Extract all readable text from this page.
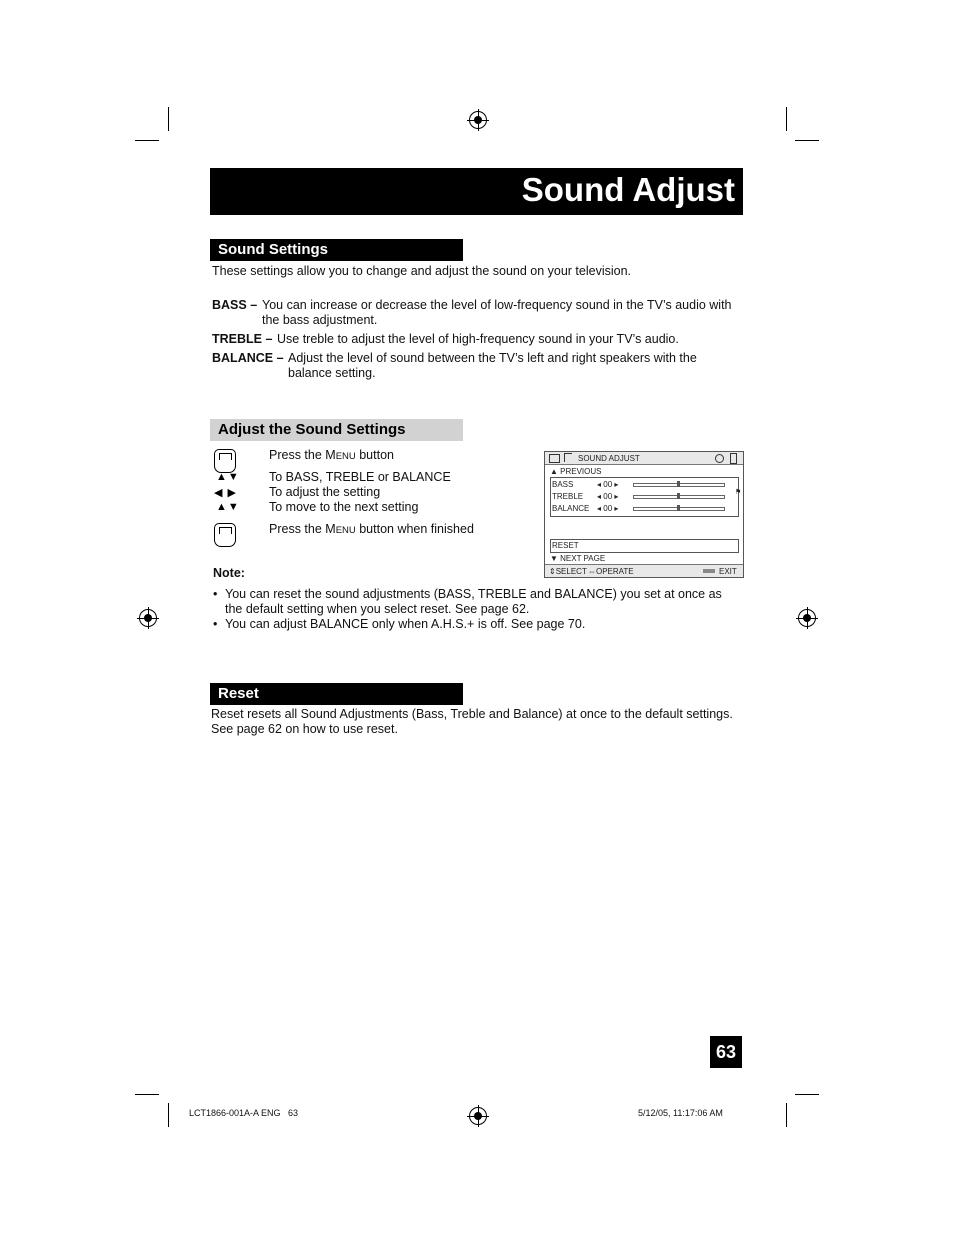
Sound Adjust
Sound Settings
These settings allow you to change and adjust the sound on your television.
BASS – You can increase or decrease the level of low-frequency sound in the TV’s audio with
the bass adjustment.
TREBLE – Use treble to adjust the level of high-frequency sound in your TV’s audio.
BALANCE – Adjust the level of sound between the TV’s left and right speakers with the
balance setting.
Adjust the Sound Settings
Press the MENU button
▲▼ To BASS, TREBLE or BALANCE
◀ ▶	To adjust the setting
▲▼ To move to the next setting
Press the MENU button when finished
SOUND ADJUST
▲ PREVIOUS
⚑
BASS	◂ 00 ▸
TREBLE ◂ 00 ▸
BALANCE ◂ 00 ▸
RESET
▼ NEXT PAGE
⇕SELECT ⇔OPERATE	EXIT
Note:
• You can reset the sound adjustments (BASS, TREBLE and BALANCE) you set at once as
the default setting when you select reset. See page 62.
• You can adjust BALANCE only when A.H.S.+ is off. See page 70.
Reset
Reset resets all Sound Adjustments (Bass, Treble and Balance) at once to the default settings.
See page 62 on how to use reset.
63
LCT1866-001A-A ENG   63	5/12/05, 11:17:06 AM
